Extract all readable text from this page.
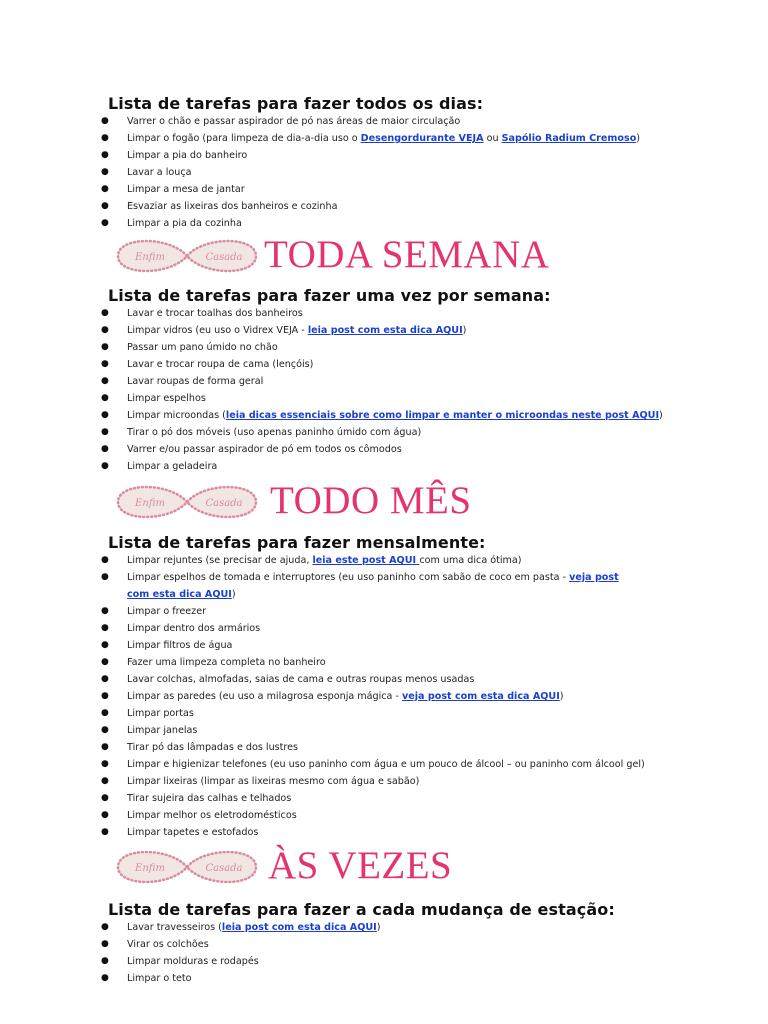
Lista de tarefas para fazer todos os dias:
● Varrer o chão e passar aspirador de pó nas áreas de maior circulação
● Limpar o fogão (para limpeza de dia-a-dia uso o Desengordurante VEJA ou Sapólio Radium Cremoso)
● Limpar a pia do banheiro
● Lavar a louça
● Limpar a mesa de jantar
● Esvaziar as lixeiras dos banheiros e cozinha
● Limpar a pia da cozinha
Enfim	Casada TODA SEMANA
Lista de tarefas para fazer uma vez por semana:
● Lavar e trocar toalhas dos banheiros
● Limpar vidros (eu uso o Vidrex VEJA - leia post com esta dica AQUI)
● Passar um pano úmido no chão
● Lavar e trocar roupa de cama (lençóis)
● Lavar roupas de forma geral
● Limpar espelhos
● Limpar microondas (leia dicas essenciais sobre como limpar e manter o microondas neste post AQUI)
● Tirar o pó dos móveis (uso apenas paninho úmido com água)
● Varrer e/ou passar aspirador de pó em todos os cômodos
● Limpar a geladeira
Enfim	Casada TODO MÊS
Lista de tarefas para fazer mensalmente:
● Limpar rejuntes (se precisar de ajuda, leia este post AQUI com uma dica ótima)
● Limpar espelhos de tomada e interruptores (eu uso paninho com sabão de coco em pasta - veja post com esta dica AQUI)
● Limpar o freezer
● Limpar dentro dos armários
● Limpar filtros de água
● Fazer uma limpeza completa no banheiro
● Lavar colchas, almofadas, saias de cama e outras roupas menos usadas
● Limpar as paredes (eu uso a milagrosa esponja mágica - veja post com esta dica AQUI)
● Limpar portas
● Limpar janelas
● Tirar pó das lâmpadas e dos lustres
● Limpar e higienizar telefones (eu uso paninho com água e um pouco de álcool – ou paninho com álcool gel)
● Limpar lixeiras (limpar as lixeiras mesmo com água e sabão)
● Tirar sujeira das calhas e telhados
● Limpar melhor os eletrodomésticos
● Limpar tapetes e estofados
Enfim	Casada ÀS VEZES
Lista de tarefas para fazer a cada mudança de estação:
● Lavar travesseiros (leia post com esta dica AQUI)
● Virar os colchões
● Limpar molduras e rodapés
● Limpar o teto
